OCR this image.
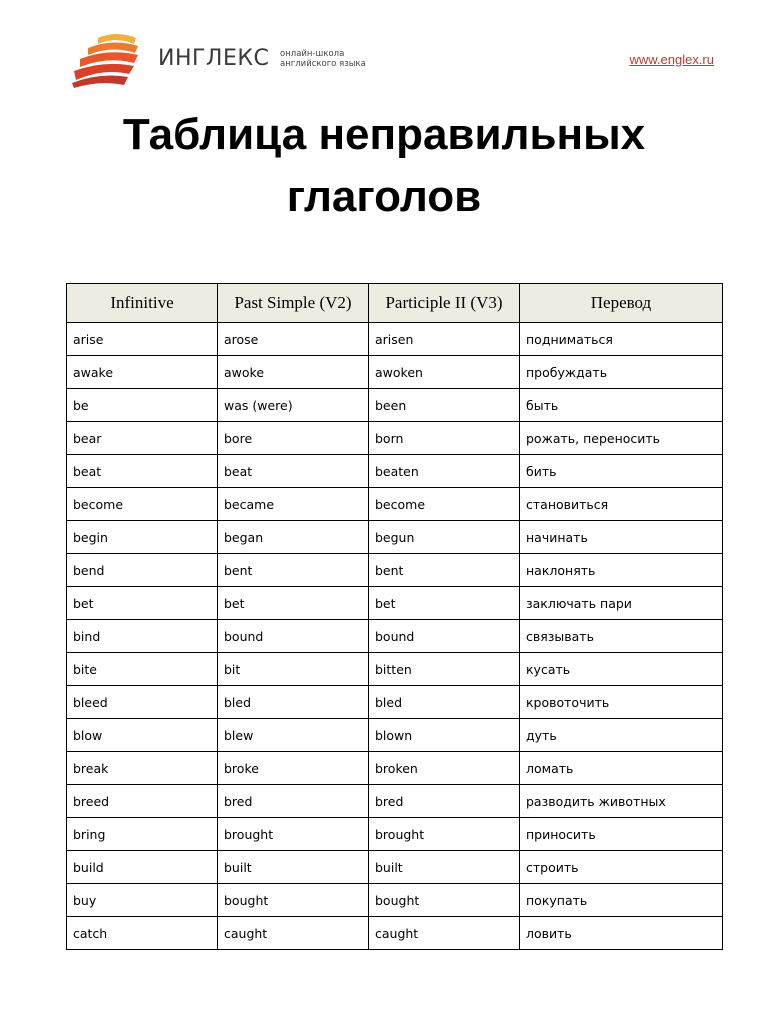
ИНГЛЕКС онлайн-школа
английского языка	www.englex.ru
Таблица неправильных
глаголов
Infinitive	Past Simple (V2)	Participle II (V3)	Перевод
arise	arose	arisen	подниматься
awake	awoke	awoken	пробуждать
be	was (were)	been	быть
bear	bore	born	рожать, переносить
beat	beat	beaten	бить
become	became	become	становиться
begin	began	begun	начинать
bend	bent	bent	наклонять
bet	bet	bet	заключать пари
bind	bound	bound	связывать
bite	bit	bitten	кусать
bleed	bled	bled	кровоточить
blow	blew	blown	дуть
break	broke	broken	ломать
breed	bred	bred	разводить животных
bring	brought	brought	приносить
build	built	built	строить
buy	bought	bought	покупать
catch	caught	caught	ловить
